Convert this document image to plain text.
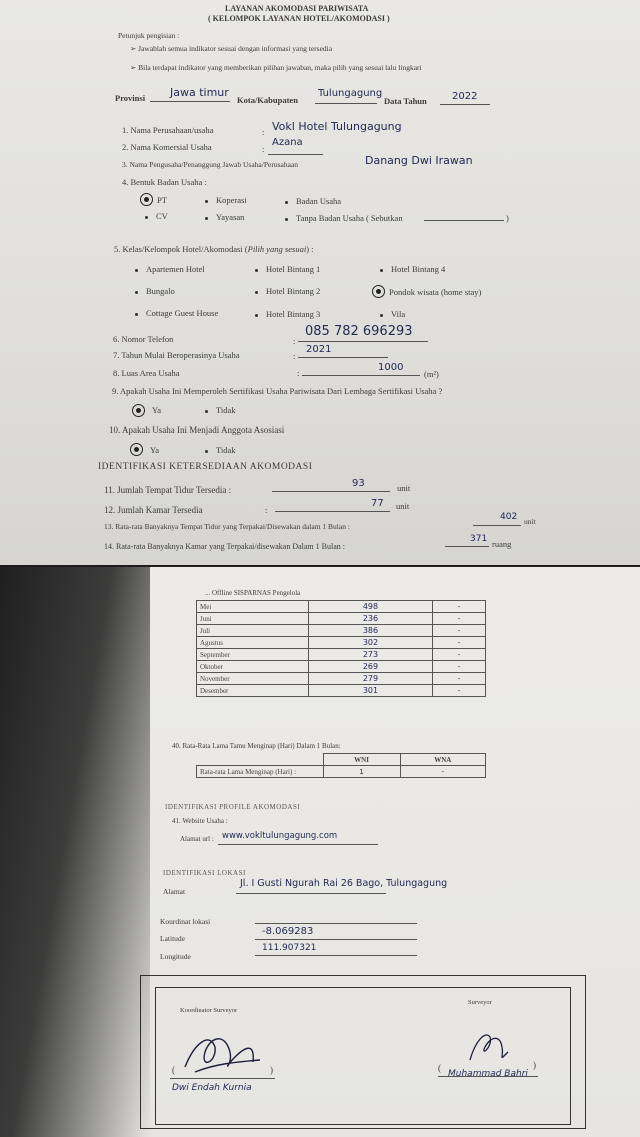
LAYANAN AKOMODASI PARIWISATA
( KELOMPOK LAYANAN HOTEL/AKOMODASI )
Petunjuk pengisian :
➢ Jawablah semua indikator sesuai dengan informasi yang tersedia
➢ Bila terdapat indikator yang memberikan pilihan jawaban, maka pilih yang sesuai lalu lingkari
Provinsi Jawa timur
Kota/Kabupaten
Tulungagung
Data Tahun	2022
1. Nama Perusahaan/usaha	: Vokl Hotel Tulungagung
2. Nama Komersial Usaha	:
Azana
3. Nama Pengusaha/Penanggung Jawab Usaha/Perusahaan	Danang Dwi Irawan
4. Bentuk Badan Usaha :
PT	Koperasi	Badan Usaha
CV	Yayasan	Tanpa Badan Usaha ( Sebutkan	)
5. Kelas/Kelompok Hotel/Akomodasi (Pilih yang sesuai) :
Apartemen Hotel	Hotel Bintang 1	Hotel Bintang 4
Bungalo	Hotel Bintang 2	Pondok wisata (home stay)
Cottage Guest House	Hotel Bintang 3	Vila
6. Nomor Telefon	:
085 782 696293
7. Tahun Mulai Beroperasinya Usaha	:
2021
8. Luas Area Usaha	:	1000
(m²)
9. Apakah Usaha Ini Memperoleh Sertifikasi Usaha Pariwisata Dari Lembaga Sertifikasi Usaha ?
Ya	Tidak
10. Apakah Usaha Ini Menjadi Anggota Asosiasi
Ya	Tidak
IDENTIFIKASI KETERSEDIAAN AKOMODASI
11. Jumlah Tempat Tidur Tersedia :
93	unit
12. Jumlah Kamar Tersedia	:
77 unit
13. Rata-rata Banyaknya Tempat Tidur yang Terpakai/Disewakan dalam 1 Bulan :
402 unit
14. Rata-rata Banyaknya Kamar yang Terpakai/disewakan Dalam 1 Bulan :
371 ruang
... Offline SISPARNAS Pengelola
Mei	498	-
Juni	236	-
Juli	386	-
Agustus	302	-
September	273	-
Oktober	269	-
November	279	-
Desember	301	-
40. Rata-Rata Lama Tamu Menginap (Hari) Dalam 1 Bulan:
	WNI	WNA
Rata-rata Lama Menginap (Hari) :	1	-
IDENTIFIKASI PROFILE AKOMODASI
41. Website Usaha :
Alamat url : www.vokltulungagung.com
IDENTIFIKASI LOKASI
Alamat
Jl. I Gusti Ngurah Rai 26 Bago, Tulungagung
Kourdinat lokasi
Latitude
-8.069283
Longitude
111.907321
Koordinator Surveyor
(	)
Dwi Endah Kurnia
Surveyor
(	)
Muhammad Bahri
